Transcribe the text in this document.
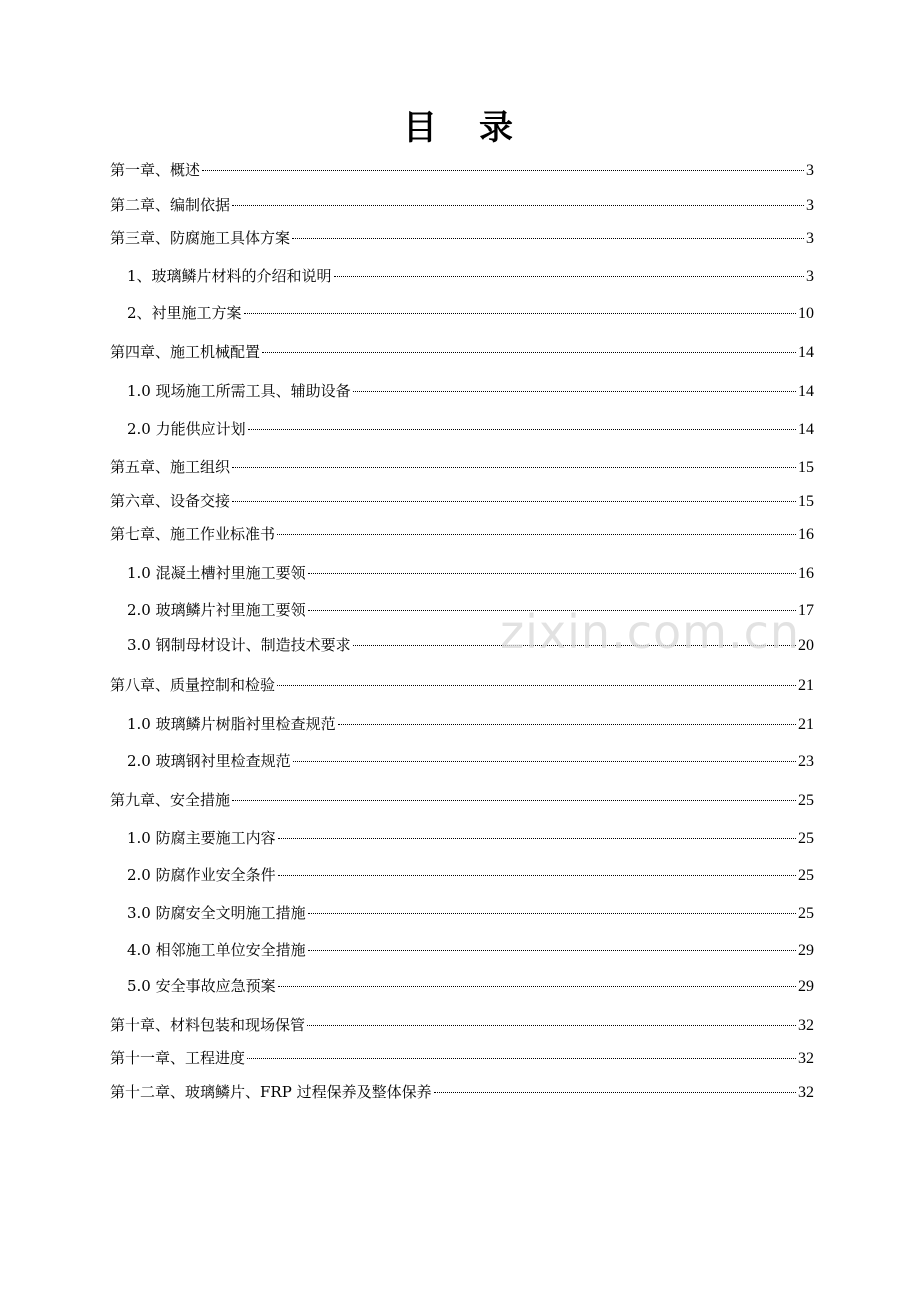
目　录
第一章、概述	3
第二章、编制依据	3
第三章、防腐施工具体方案	3
1、玻璃鳞片材料的介绍和说明	3
2、衬里施工方案	10
第四章、施工机械配置	14
1.0 现场施工所需工具、辅助设备	14
2.0 力能供应计划	14
第五章、施工组织	15
第六章、设备交接	15
第七章、施工作业标准书	16
1.0 混凝土槽衬里施工要领	16
2.0 玻璃鳞片衬里施工要领	17
3.0 钢制母材设计、制造技术要求	20
第八章、质量控制和检验	21
1.0 玻璃鳞片树脂衬里检查规范	21
2.0 玻璃钢衬里检查规范	23
第九章、安全措施	25
1.0 防腐主要施工内容	25
2.0 防腐作业安全条件	25
3.0 防腐安全文明施工措施	25
4.0 相邻施工单位安全措施	29
5.0 安全事故应急预案	29
第十章、材料包装和现场保管	32
第十一章、工程进度	32
第十二章、玻璃鳞片、FRP 过程保养及整体保养	32
zixin.com.cn
